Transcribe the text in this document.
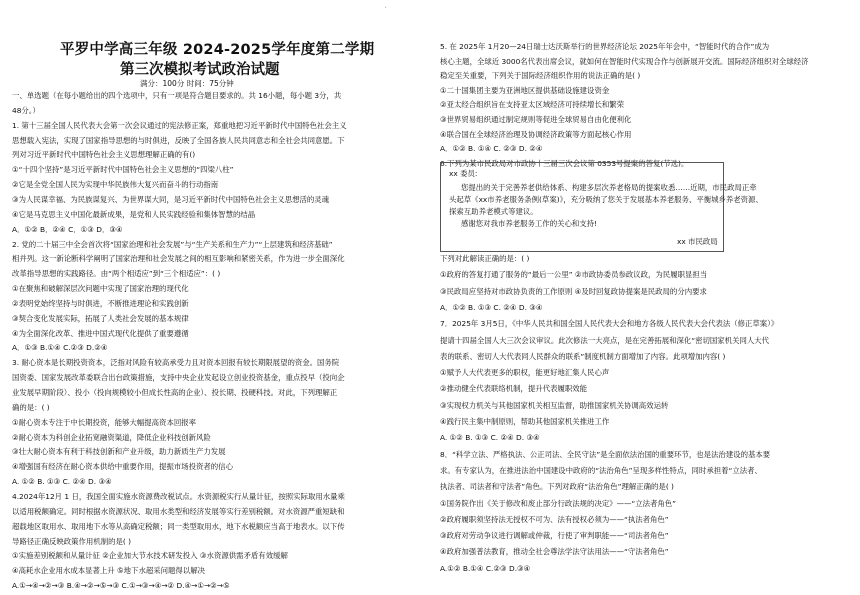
·
平罗中学高三年级 2024-2025学年度第二学期
第三次模拟考试政治试题
满分：100分 时间：75分钟
一、单选题（在每小题给出的四个选项中，只有一项是符合题目要求的。共 16小题，每小题 3分，共
48分。）
1. 第十三届全国人民代表大会第一次会议通过的宪法修正案，郑重地把习近平新时代中国特色社会主义
思想载入宪法，实现了国家指导思想的与时俱进，反映了全国各族人民共同意志和全社会共同意愿。下
列对习近平新时代中国特色社会主义思想理解正确的有()
①“十四个坚持”是习近平新时代中国特色社会主义思想的“四梁八柱”
②它是全党全国人民为实现中华民族伟大复兴而奋斗的行动指南
③为人民谋幸福、为民族谋复兴、为世界谋大同，是习近平新时代中国特色社会主义思想活的灵魂
④它是马克思主义中国化最新成果，是党和人民实践经验和集体智慧的结晶
A．①② B．②④ C．①③ D．③④
2. 党的二十届三中全会首次将“国家治理和社会发展”与“生产关系和生产力”“上层建筑和经济基础”
相并列。这一新论断科学阐明了国家治理和社会发展之间的相互影响和紧密关系，作为进一步全面深化
改革指导思想的实践路径。由“两个相适应”到“三个相适应”：( )
①在聚焦和破解深层次问题中实现了国家治理的现代化
②表明党始终坚持与时俱进，不断推进理论和实践创新
③契合变化发展实际，拓展了人类社会发展的基本规律
④为全面深化改革、推进中国式现代化提供了重要遵循
A．①③ B.①④ C.②③ D.②④
3. 耐心资本是长期投资资本，泛指对风险有较高承受力且对资本回报有较长期限展望的资金。国务院
国资委、国家发展改革委联合出台政策措施，支持中央企业发起设立创业投资基金，重点投早（投向企
业发展早期阶段）、投小（投向规模较小但成长性高的企业）、投长期、投硬科技。对此，下列理解正
确的是：( )
①耐心资本专注于中长期投资，能够大幅提高资本回报率
②耐心资本为科创企业拓宽融资渠道，降低企业科技创新风险
③壮大耐心资本有利于科技创新和产业升级，助力新质生产力发展
④增强国有经济在耐心资本供给中重要作用，提振市场投资者的信心
A. ①② B. ①③ C. ②④ D. ③④
4.2024年12月 1 日，我国全面实施水资源费改税试点。水资源税实行从量计征，按照实际取用水量乘
以适用税额确定。同时根据水资源状况、取用水类型和经济发展等实行差别税额。对水资源严重短缺和
超载地区取用水、取用地下水等从高确定税额；同一类型取用水，地下水税额应当高于地表水。以下传
导路径正确反映政策作用机制的是( )
①实施差别税额和从量计征 ②企业加大节水技术研发投入 ③水资源供需矛盾有效缓解
④高耗水企业用水成本显著上升 ⑤地下水超采问题得以解决
A.①→④→②→③ B.④→②→⑤→③ C.①→③→④→② D.④→①→②→⑤
5. 在 2025年 1月20—24日瑞士达沃斯举行的世界经济论坛 2025年年会中，“智能时代的合作”成为
核心主题，全球近 3000名代表出席会议，就如何在智能时代实现合作与创新展开交流。国际经济组织对全球经济
稳定至关重要，下列关于国际经济组织作用的说法正确的是( )
①二十国集团主要为亚洲地区提供基础设施建设资金
②亚太经合组织旨在支持亚太区域经济可持续增长和繁荣
③世界贸易组织通过制定规则等促进全球贸易自由化便利化
④联合国在全球经济治理及协调经济政策等方面起核心作用
A．①② B. ①④ C. ②③ D. ②④
6.下列为某市民政局对市政协十三届三次会议第 0353号提案的答复(节选)。
下列对此解读正确的是：( )
①政府的答复打通了服务的“最后一公里” ②市政协委员参政议政，为民履职显担当
③民政局应坚持对市政协负责的工作原则 ④及时回复政协提案是民政局的分内要求
A．①② B. ①③ C. ②④ D. ③④
7．2025年 3月5日，《中华人民共和国全国人民代表大会和地方各级人民代表大会代表法（修正草案）》
提请十四届全国人大三次会议审议。此次修法一大亮点，是在完善拓展和深化“密切国家机关同人大代
表的联系、密切人大代表同人民群众的联系”制度机制方面增加了内容。此项增加内容( )
①赋予人大代表更多的职权，能更好地汇集人民心声
②推动健全代表联络机制，提升代表履职效能
③实现权力机关与其他国家机关相互监督，助推国家机关协调高效运转
④践行民主集中制原则，帮助其他国家机关推进工作
A. ①② B. ①③ C. ②④ D. ③④
8．“科学立法、严格执法、公正司法、全民守法”是全面依法治国的重要环节，也是法治建设的基本要
求。有专家认为，在推进法治中国建设中政府的“法治角色”呈现多样性特点，同时承担着“立法者、
执法者、司法者和守法者”角色。下列对政府“法治角色”理解正确的是( )
①国务院作出《关于修改和废止部分行政法规的决定》——“立法者角色”
②政府履职须坚持法无授权不可为、法有授权必须为——“执法者角色”
③政府对劳动争议进行调解或仲裁，行使了审判职能——“司法者角色”
④政府加强普法教育，推动全社会尊法学法守法用法——“守法者角色”
A.①② B.①④ C.②③ D.③④
xx 委员:
您提出的关于完善养老供给体系、构建多层次养老格局的提案收悉……近期，市民政局正牵
头起草《xx市养老服务条例(草案)》，充分吸纳了您关于发展基本养老服务、平衡城乡养老资源、
探索互助养老模式等建议。
感谢您对我市养老服务工作的关心和支持!
xx 市民政局
